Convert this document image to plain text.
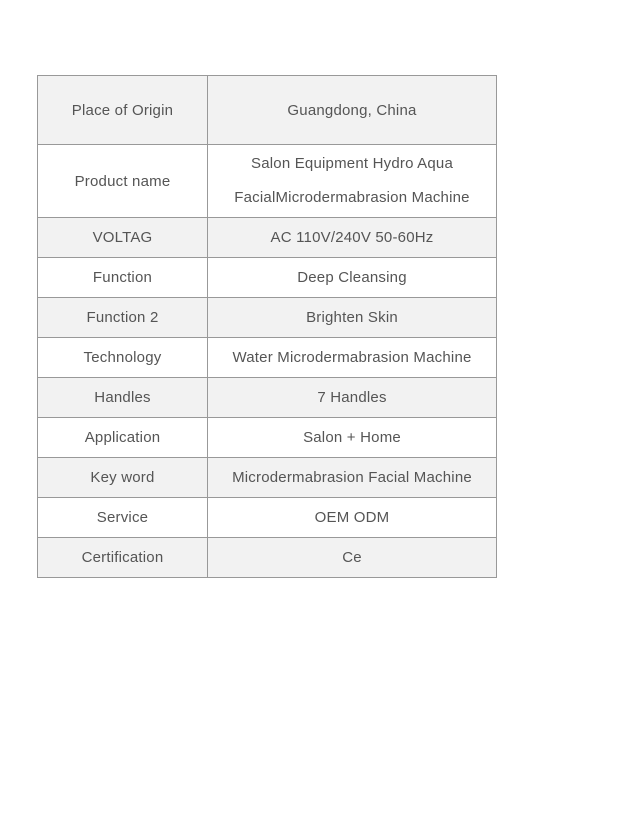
Place of Origin	Guangdong, China
Product name	Salon Equipment Hydro Aqua
FacialMicrodermabrasion Machine

VOLTAG	AC 110V/240V 50-60Hz
Function	Deep Cleansing
Function 2	Brighten Skin
Technology	Water Microdermabrasion Machine
Handles	7 Handles
Application	Salon + Home
Key word	Microdermabrasion Facial Machine
Service	OEM ODM
Certification	Ce
